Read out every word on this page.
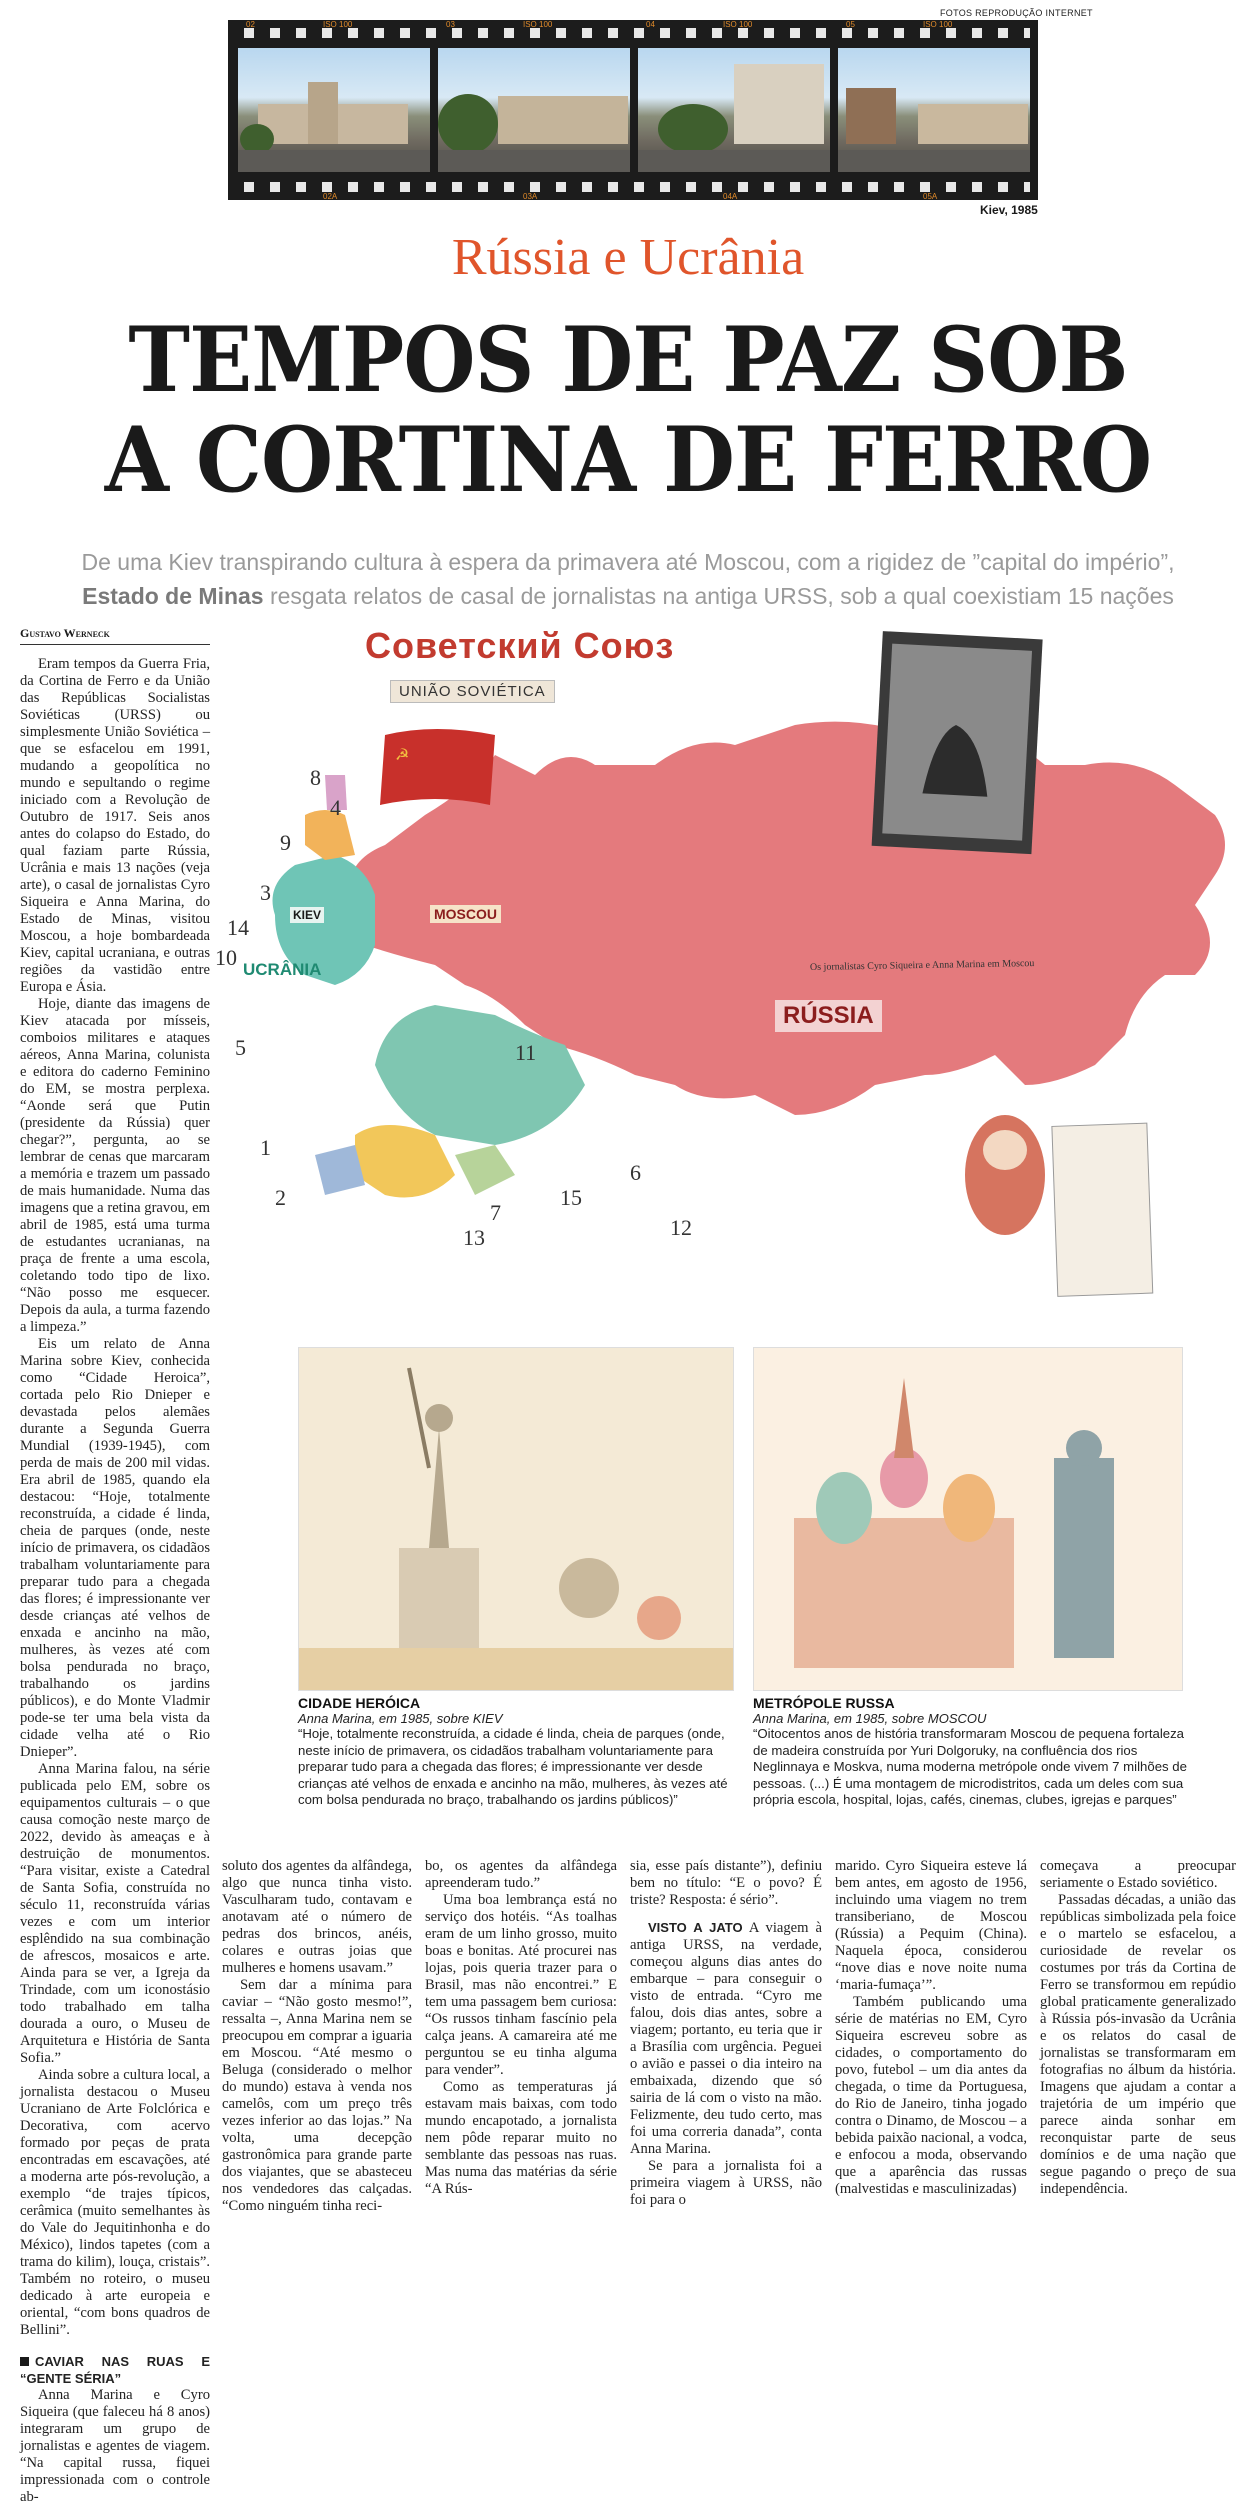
FOTOS REPRODUÇÃO INTERNET
02	ISO 100	03	ISO 100	04	ISO 100	05	ISO 100
02A	03A	04A	05A
Kiev, 1985
Rússia e Ucrânia
TEMPOS DE PAZ SOB
A CORTINA DE FERRO
De uma Kiev transpirando cultura à espera da primavera até Moscou, com a rigidez de ”capital do império”,
Estado de Minas resgata relatos de casal de jornalistas na antiga URSS, sob a qual coexistiam 15 nações
Gustavo Werneck

Eram tempos da Guerra Fria, da Cortina de Ferro e da União das Repúblicas Socialistas Soviéticas (URSS) ou simplesmente União Soviética – que se esfacelou em 1991, mudando a geopolítica no mundo e sepultando o regime iniciado com a Revolução de Outubro de 1917. Seis anos antes do colapso do Estado, do qual faziam parte Rússia, Ucrânia e mais 13 nações (veja arte), o casal de jornalistas Cyro Siqueira e Anna Marina, do Estado de Minas, visitou Moscou, a hoje bombardeada Kiev, capital ucraniana, e outras regiões da vastidão entre Europa e Ásia.

Hoje, diante das imagens de Kiev atacada por mísseis, comboios militares e ataques aéreos, Anna Marina, colunista e editora do caderno Feminino do EM, se mostra perplexa. “Aonde será que Putin (presidente da Rússia) quer chegar?”, pergunta, ao se lembrar de cenas que marcaram a memória e trazem um passado de mais humanidade. Numa das imagens que a retina gravou, em abril de 1985, está uma turma de estudantes ucranianas, na praça de frente a uma escola, coletando todo tipo de lixo. “Não posso me esquecer. Depois da aula, a turma fazendo a limpeza.”

Eis um relato de Anna Marina sobre Kiev, conhecida como “Cidade Heroica”, cortada pelo Rio Dnieper e devastada pelos alemães durante a Segunda Guerra Mundial (1939-1945), com perda de mais de 200 mil vidas. Era abril de 1985, quando ela destacou: “Hoje, totalmente reconstruída, a cidade é linda, cheia de parques (onde, neste início de primavera, os cidadãos trabalham voluntariamente para preparar tudo para a chegada das flores; é impressionante ver desde crianças até velhos de enxada e ancinho na mão, mulheres, às vezes até com bolsa pendurada no braço, trabalhando os jardins públicos), e do Monte Vladmir pode-se ter uma bela vista da cidade velha até o Rio Dnieper”.

Anna Marina falou, na série publicada pelo EM, sobre os equipamentos culturais – o que causa comoção neste março de 2022, devido às ameaças e à destruição de monumentos. “Para visitar, existe a Catedral de Santa Sofia, construída no século 11, reconstruída várias vezes e com um interior esplêndido na sua combinação de afrescos, mosaicos e arte. Ainda para se ver, a Igreja da Trindade, com um iconostásio todo trabalhado em talha dourada a ouro, o Museu de Arquitetura e História de Santa Sofia.”

Ainda sobre a cultura local, a jornalista destacou o Museu Ucraniano de Arte Folclórica e Decorativa, com acervo formado por peças de prata encontradas em escavações, até a moderna arte pós-revolução, a exemplo “de trajes típicos, cerâmica (muito semelhantes às do Vale do Jequitinhonha e do México), lindos tapetes (com a trama do kilim), louça, cristais”. Também no roteiro, o museu dedicado à arte europeia e oriental, “com bons quadros de Bellini”.

CAVIAR NAS RUAS E “GENTE SÉRIA”

Anna Marina e Cyro Siqueira (que faleceu há 8 anos) integraram um grupo de jornalistas e agentes de viagem. “Na capital russa, fiquei impressionada com o controle ab-

☭
Советский Союз
UNIÃO SOVIÉTICA
RÚSSIA
UCRÂNIA
MOSCOU
KIEV
Os jornalistas Cyro Siqueira e Anna Marina em Moscou
1
2
3
4
5
6
7
8
9
10
11
12
13
14
15
CIDADE HERÓICA
Anna Marina, em 1985, sobre KIEV
“Hoje, totalmente reconstruída, a cidade é linda, cheia de parques (onde, neste início de primavera, os cidadãos trabalham voluntariamente para preparar tudo para a chegada das flores; é impressionante ver desde crianças até velhos de enxada e ancinho na mão, mulheres, às vezes até com bolsa pendurada no braço, trabalhando os jardins públicos)”
METRÓPOLE RUSSA
Anna Marina, em 1985, sobre MOSCOU
“Oitocentos anos de história transformaram Moscou de pequena fortaleza de madeira construída por Yuri Dolgoruky, na confluência dos rios Neglinnaya e Moskva, numa moderna metrópole onde vivem 7 milhões de pessoas. (...) É uma montagem de microdistritos, cada um deles com sua própria escola, hospital, lojas, cafés, cinemas, clubes, igrejas e parques”

soluto dos agentes da alfândega, algo que nunca tinha visto. Vasculharam tudo, contavam e anotavam até o número de pedras dos brincos, anéis, colares e outras joias que mulheres e homens usavam.”

Sem dar a mínima para caviar – “Não gosto mesmo!”, ressalta –, Anna Marina nem se preocupou em comprar a iguaria em Moscou. “Até mesmo o Beluga (considerado o melhor do mundo) estava à venda nos camelôs, com um preço três vezes inferior ao das lojas.” Na volta, uma decepção gastronômica para grande parte dos viajantes, que se abasteceu nos vendedores das calçadas. “Como ninguém tinha reci-

bo, os agentes da alfândega apreenderam tudo.”

Uma boa lembrança está no serviço dos hotéis. “As toalhas eram de um linho grosso, muito boas e bonitas. Até procurei nas lojas, pois queria trazer para o Brasil, mas não encontrei.” E tem uma passagem bem curiosa: “Os russos tinham fascínio pela calça jeans. A camareira até me perguntou se eu tinha alguma para vender”.

Como as temperaturas já estavam mais baixas, com todo mundo encapotado, a jornalista nem pôde reparar muito no semblante das pessoas nas ruas. Mas numa das matérias da série “A Rús-

sia, esse país distante”), definiu bem no título: “E o povo? É triste? Resposta: é sério”.

VISTO A JATO A viagem à antiga URSS, na verdade, começou alguns dias antes do embarque – para conseguir o visto de entrada. “Cyro me falou, dois dias antes, sobre a viagem; portanto, eu teria que ir a Brasília com urgência. Peguei o avião e passei o dia inteiro na embaixada, dizendo que só sairia de lá com o visto na mão. Felizmente, deu tudo certo, mas foi uma correria danada”, conta Anna Marina.

Se para a jornalista foi a primeira viagem à URSS, não foi para o

marido. Cyro Siqueira esteve lá bem antes, em agosto de 1956, incluindo uma viagem no trem transiberiano, de Moscou (Rússia) a Pequim (China). Naquela época, considerou “nove dias e nove noite numa ‘maria-fumaça’”.

Também publicando uma série de matérias no EM, Cyro Siqueira escreveu sobre as cidades, o comportamento do povo, futebol – um dia antes da chegada, o time da Portuguesa, do Rio de Janeiro, tinha jogado contra o Dinamo, de Moscou – a bebida paixão nacional, a vodca, e enfocou a moda, observando que a aparência das russas (malvestidas e masculinizadas)

começava a preocupar seriamente o Estado soviético.

Passadas décadas, a união das repúblicas simbolizada pela foice e o martelo se esfacelou, a curiosidade de revelar os costumes por trás da Cortina de Ferro se transformou em repúdio global praticamente generalizado à Rússia pós-invasão da Ucrânia e os relatos do casal de jornalistas se transformaram em fotografias no álbum da história. Imagens que ajudam a contar a trajetória de um império que parece ainda sonhar em reconquistar parte de seus domínios e de uma nação que segue pagando o preço de sua independência.
